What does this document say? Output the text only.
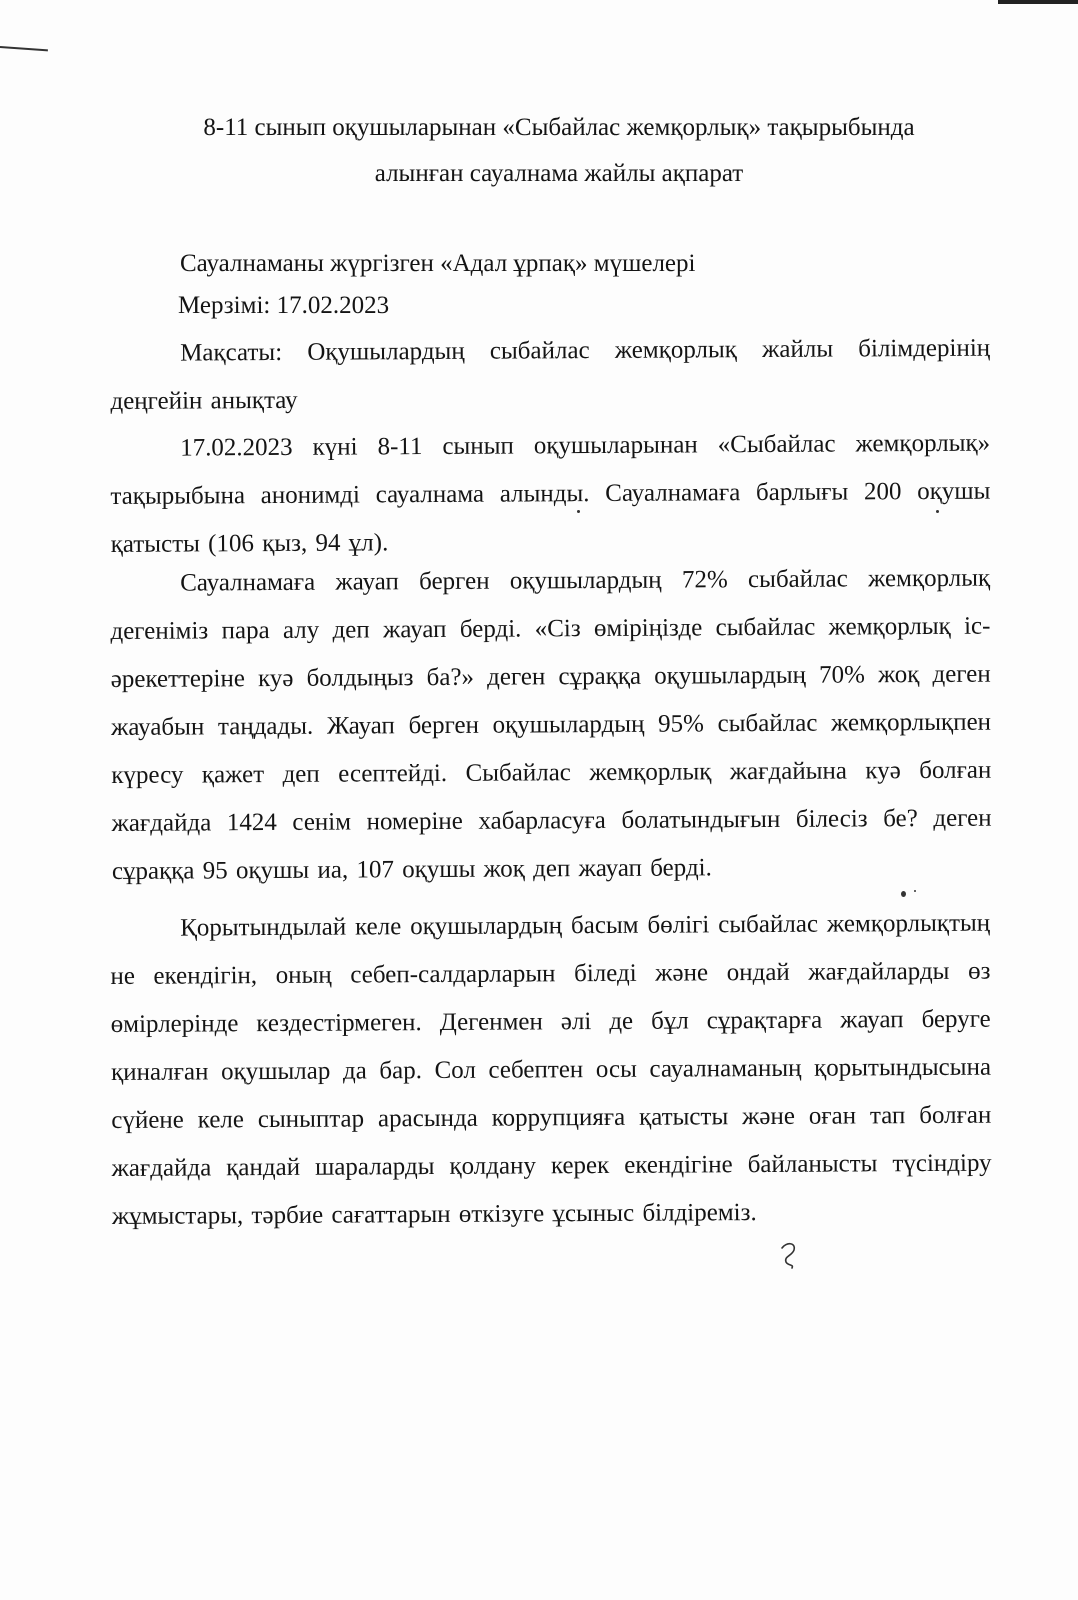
8-11 сынып оқушыларынан «Сыбайлас жемқорлық» тақырыбында
алынған сауалнама жайлы ақпарат
Сауалнаманы жүргізген «Адал ұрпақ» мүшелері
Мерзімі: 17.02.2023

Мақсаты: Оқушылардың сыбайлас жемқорлық жайлы білімдерінің деңгейін анықтау

17.02.2023 күні 8-11 сынып оқушыларынан «Сыбайлас жемқорлық» тақырыбына анонимді сауалнама алынды. Сауалнамаға барлығы 200 оқушы қатысты (106 қыз, 94 ұл).

Сауалнамаға жауап берген оқушылардың 72% сыбайлас жемқорлық дегеніміз пара алу деп жауап берді. «Сіз өміріңізде сыбайлас жемқорлық іс-әрекеттеріне куә болдыңыз ба?» деген сұраққа оқушылардың 70% жоқ деген жауабын таңдады. Жауап берген оқушылардың 95% сыбайлас жемқорлықпен күресу қажет деп есептейді. Сыбайлас жемқорлық жағдайына куә болған жағдайда 1424 сенім номеріне хабарласуға болатындығын білесіз бе? деген сұраққа 95 оқушы иа, 107 оқушы жоқ деп жауап берді.

Қорытындылай келе оқушылардың басым бөлігі сыбайлас жемқорлықтың не екендігін, оның себеп-салдарларын біледі және ондай жағдайларды өз өмірлерінде кездестірмеген. Дегенмен әлі де бұл сұрақтарға жауап беруге қиналған оқушылар да бар. Сол себептен осы сауалнаманың қорытындысына сүйене келе сыныптар арасында коррупцияға қатысты және оған тап болған жағдайда қандай шараларды қолдану керек екендігіне байланысты түсіндіру жұмыстары, тәрбие сағаттарын өткізуге ұсыныс білдіреміз.
